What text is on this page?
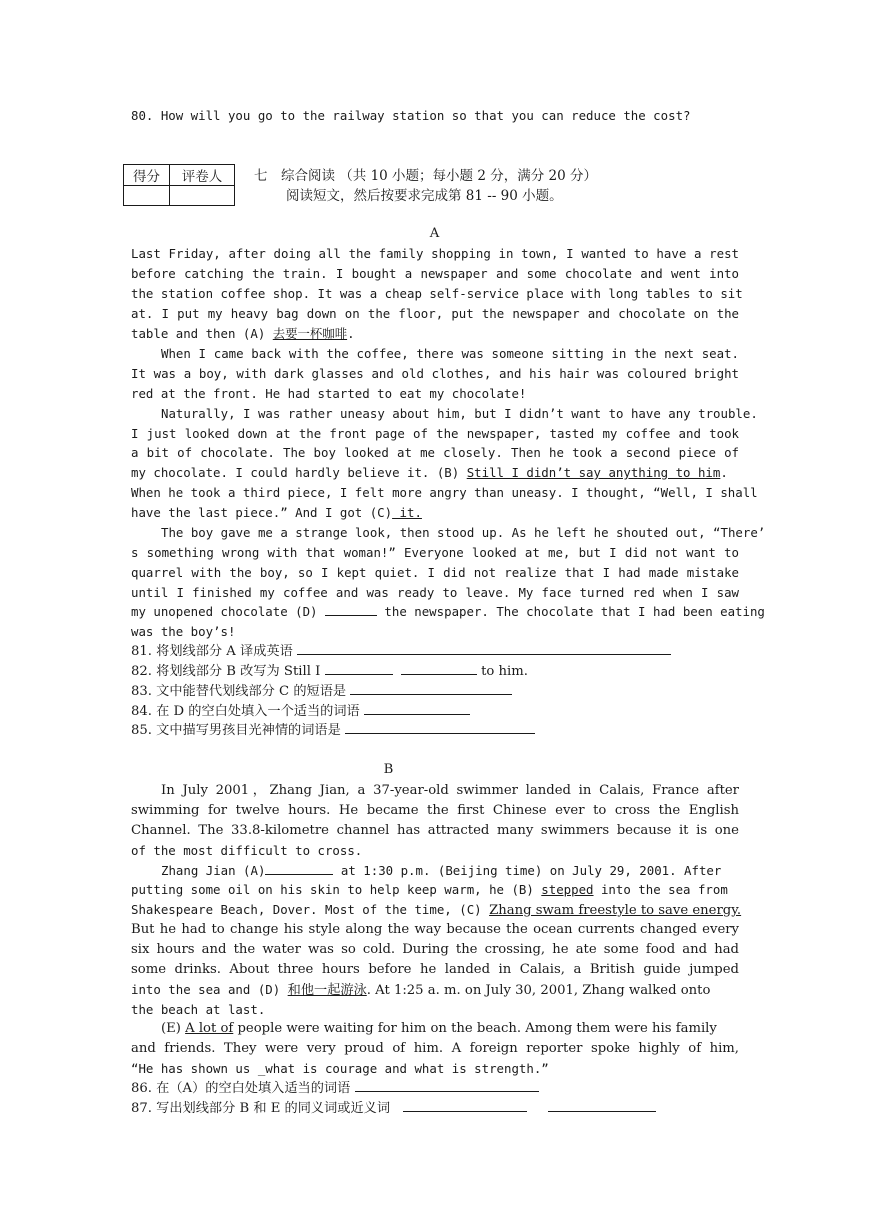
80. How will you go to the railway station so that you can reduce the cost?
得分	评卷人
	七　综合阅读 （共 10 小题；每小题 2 分，满分 20 分）
阅读短文，然后按要求完成第 81 -- 90 小题。
A
Last Friday, after doing all the family shopping in town, I wanted to have a rest
before catching the train. I bought a newspaper and some chocolate and went into
the station coffee shop. It was a cheap self-service place with long tables to sit
at. I put my heavy bag down on the floor, put the newspaper and chocolate on the
table and then (A) 去要一杯咖啡.
When I came back with the coffee, there was someone sitting in the next seat.
It was a boy, with dark glasses and old clothes, and his hair was coloured bright
red at the front. He had started to eat my chocolate!
Naturally, I was rather uneasy about him, but I didn’t want to have any trouble.
I just looked down at the front page of the newspaper, tasted my coffee and took
a bit of chocolate. The boy looked at me closely. Then he took a second piece of
my chocolate. I could hardly believe it. (B) Still I didn’t say anything to him.
When he took a third piece, I felt more angry than uneasy. I thought, “Well, I shall
have the last piece.” And I got (C) it.
The boy gave me a strange look, then stood up. As he left he shouted out, “There’
s something wrong with that woman!” Everyone looked at me, but I did not want to
quarrel with the boy, so I kept quiet. I did not realize that I had made mistake
until I finished my coffee and was ready to leave. My face turned red when I saw
my unopened chocolate (D)	the newspaper. The chocolate that I had been eating
was the boy’s!
81. 将划线部分 A 译成英语
82. 将划线部分 B 改写为 Still I	to him.
83. 文中能替代划线部分 C 的短语是
84. 在 D 的空白处填入一个适当的词语
85. 文中描写男孩目光神情的词语是
B
In July 2001，Zhang Jian, a 37-year-old swimmer landed in Calais, France after
swimming for twelve hours. He became the first Chinese ever to cross the English
Channel. The 33.8-kilometre channel has attracted many swimmers because it is one
of the most difficult to cross.
Zhang Jian (A)	at 1:30 p.m. (Beijing time) on July 29, 2001. After
putting some oil on his skin to help keep warm, he (B) stepped into the sea from
Shakespeare Beach, Dover. Most of the time, (C) Zhang swam freestyle to save energy.
But he had to change his style along the way because the ocean currents changed every
six hours and the water was so cold. During the crossing, he ate some food and had
some drinks. About three hours before he landed in Calais, a British guide jumped
into the sea and (D) 和他一起游泳. At 1:25 a. m. on July 30, 2001, Zhang walked onto
the beach at last.
(E) A lot of people were waiting for him on the beach. Among them were his family
and friends. They were very proud of him. A foreign reporter spoke highly of him,
“He has shown us _what is courage and what is strength.”
86. 在（A）的空白处填入适当的词语
87. 写出划线部分 B 和 E 的同义词或近义词
